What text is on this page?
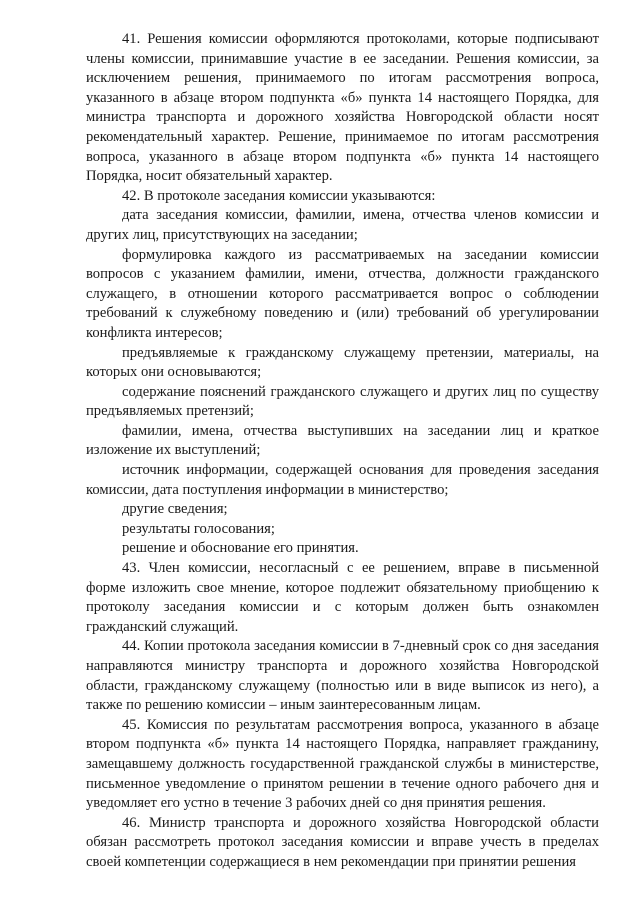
41. Решения комиссии оформляются протоколами, которые подписывают члены комиссии, принимавшие участие в ее заседании. Решения комиссии, за исключением решения, принимаемого по итогам рассмотрения вопроса, указанного в абзаце втором подпункта «б» пункта 14 настоящего Порядка, для министра транспорта и дорожного хозяйства Новгородской области носят рекомендательный характер. Решение, принимаемое по итогам рассмотрения вопроса, указанного в абзаце втором подпункта «б» пункта 14 настоящего Порядка, носит обязательный характер.

42. В протоколе заседания комиссии указываются:

дата заседания комиссии, фамилии, имена, отчества членов комиссии и других лиц, присутствующих на заседании;

формулировка каждого из рассматриваемых на заседании комиссии вопросов с указанием фамилии, имени, отчества, должности гражданского служащего, в отношении которого рассматривается вопрос о соблюдении требований к служебному поведению и (или) требований об урегулировании конфликта интересов;

предъявляемые к гражданскому служащему претензии, материалы, на которых они основываются;

содержание пояснений гражданского служащего и других лиц по существу предъявляемых претензий;

фамилии, имена, отчества выступивших на заседании лиц и краткое изложение их выступлений;

источник информации, содержащей основания для проведения заседания комиссии, дата поступления информации в министерство;

другие сведения;

результаты голосования;

решение и обоснование его принятия.

43. Член комиссии, несогласный с ее решением, вправе в письменной форме изложить свое мнение, которое подлежит обязательному приобщению к протоколу заседания комиссии и с которым должен быть ознакомлен гражданский служащий.

44. Копии протокола заседания комиссии в 7-дневный срок со дня заседания направляются министру транспорта и дорожного хозяйства Новгородской области, гражданскому служащему (полностью или в виде выписок из него), а также по решению комиссии – иным заинтересованным лицам.

45. Комиссия по результатам рассмотрения вопроса, указанного в абзаце втором подпункта «б» пункта 14 настоящего Порядка, направляет гражданину, замещавшему должность государственной гражданской службы в министерстве, письменное уведомление о принятом решении в течение одного рабочего дня и уведомляет его устно в течение 3 рабочих дней со дня принятия решения.

46. Министр транспорта и дорожного хозяйства Новгородской области обязан рассмотреть протокол заседания комиссии и вправе учесть в пределах своей компетенции содержащиеся в нем рекомендации при принятии решения
